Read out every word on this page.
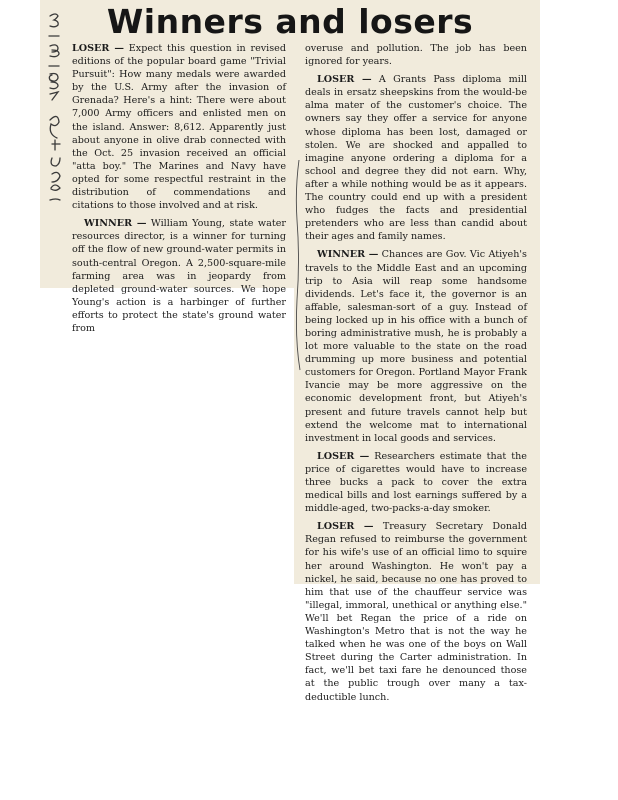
Winners and losers

LOSER — Expect this question in revised editions of the popular board game "Trivial Pursuit": How many medals were awarded by the U.S. Army after the invasion of Grenada? Here's a hint: There were about 7,000 Army officers and enlisted men on the island. Answer: 8,612. Apparently just about anyone in olive drab connected with the Oct. 25 invasion received an official "atta boy." The Marines and Navy have opted for some respectful restraint in the distribution of commendations and citations to those involved and at risk.

WINNER — William Young, state water resources director, is a winner for turning off the flow of new ground-water permits in south-central Oregon. A 2,500-square-mile farming area was in jeopardy from depleted ground-water sources. We hope Young's action is a harbinger of further efforts to protect the state's ground water from

overuse and pollution. The job has been ignored for years.

LOSER — A Grants Pass diploma mill deals in ersatz sheepskins from the would-be alma mater of the customer's choice. The owners say they offer a service for anyone whose diploma has been lost, damaged or stolen. We are shocked and appalled to imagine anyone ordering a diploma for a school and degree they did not earn. Why, after a while nothing would be as it appears. The country could end up with a president who fudges the facts and presidential pretenders who are less than candid about their ages and family names.

WINNER — Chances are Gov. Vic Atiyeh's travels to the Middle East and an upcoming trip to Asia will reap some handsome dividends. Let's face it, the governor is an affable, salesman-sort of a guy. Instead of being locked up in his office with a bunch of boring administrative mush, he is probably a lot more valuable to the state on the road drumming up more business and potential customers for Oregon. Portland Mayor Frank Ivancie may be more aggressive on the economic development front, but Atiyeh's present and future travels cannot help but extend the welcome mat to international investment in local goods and services.

LOSER — Researchers estimate that the price of cigarettes would have to increase three bucks a pack to cover the extra medical bills and lost earnings suffered by a middle-aged, two-packs-a-day smoker.

LOSER — Treasury Secretary Donald Regan refused to reimburse the government for his wife's use of an official limo to squire her around Washington. He won't pay a nickel, he said, because no one has proved to him that use of the chauffeur service was "illegal, immoral, unethical or anything else." We'll bet Regan the price of a ride on Washington's Metro that is not the way he talked when he was one of the boys on Wall Street during the Carter administration. In fact, we'll bet taxi fare he denounced those at the public trough over many a tax-deductible lunch.
